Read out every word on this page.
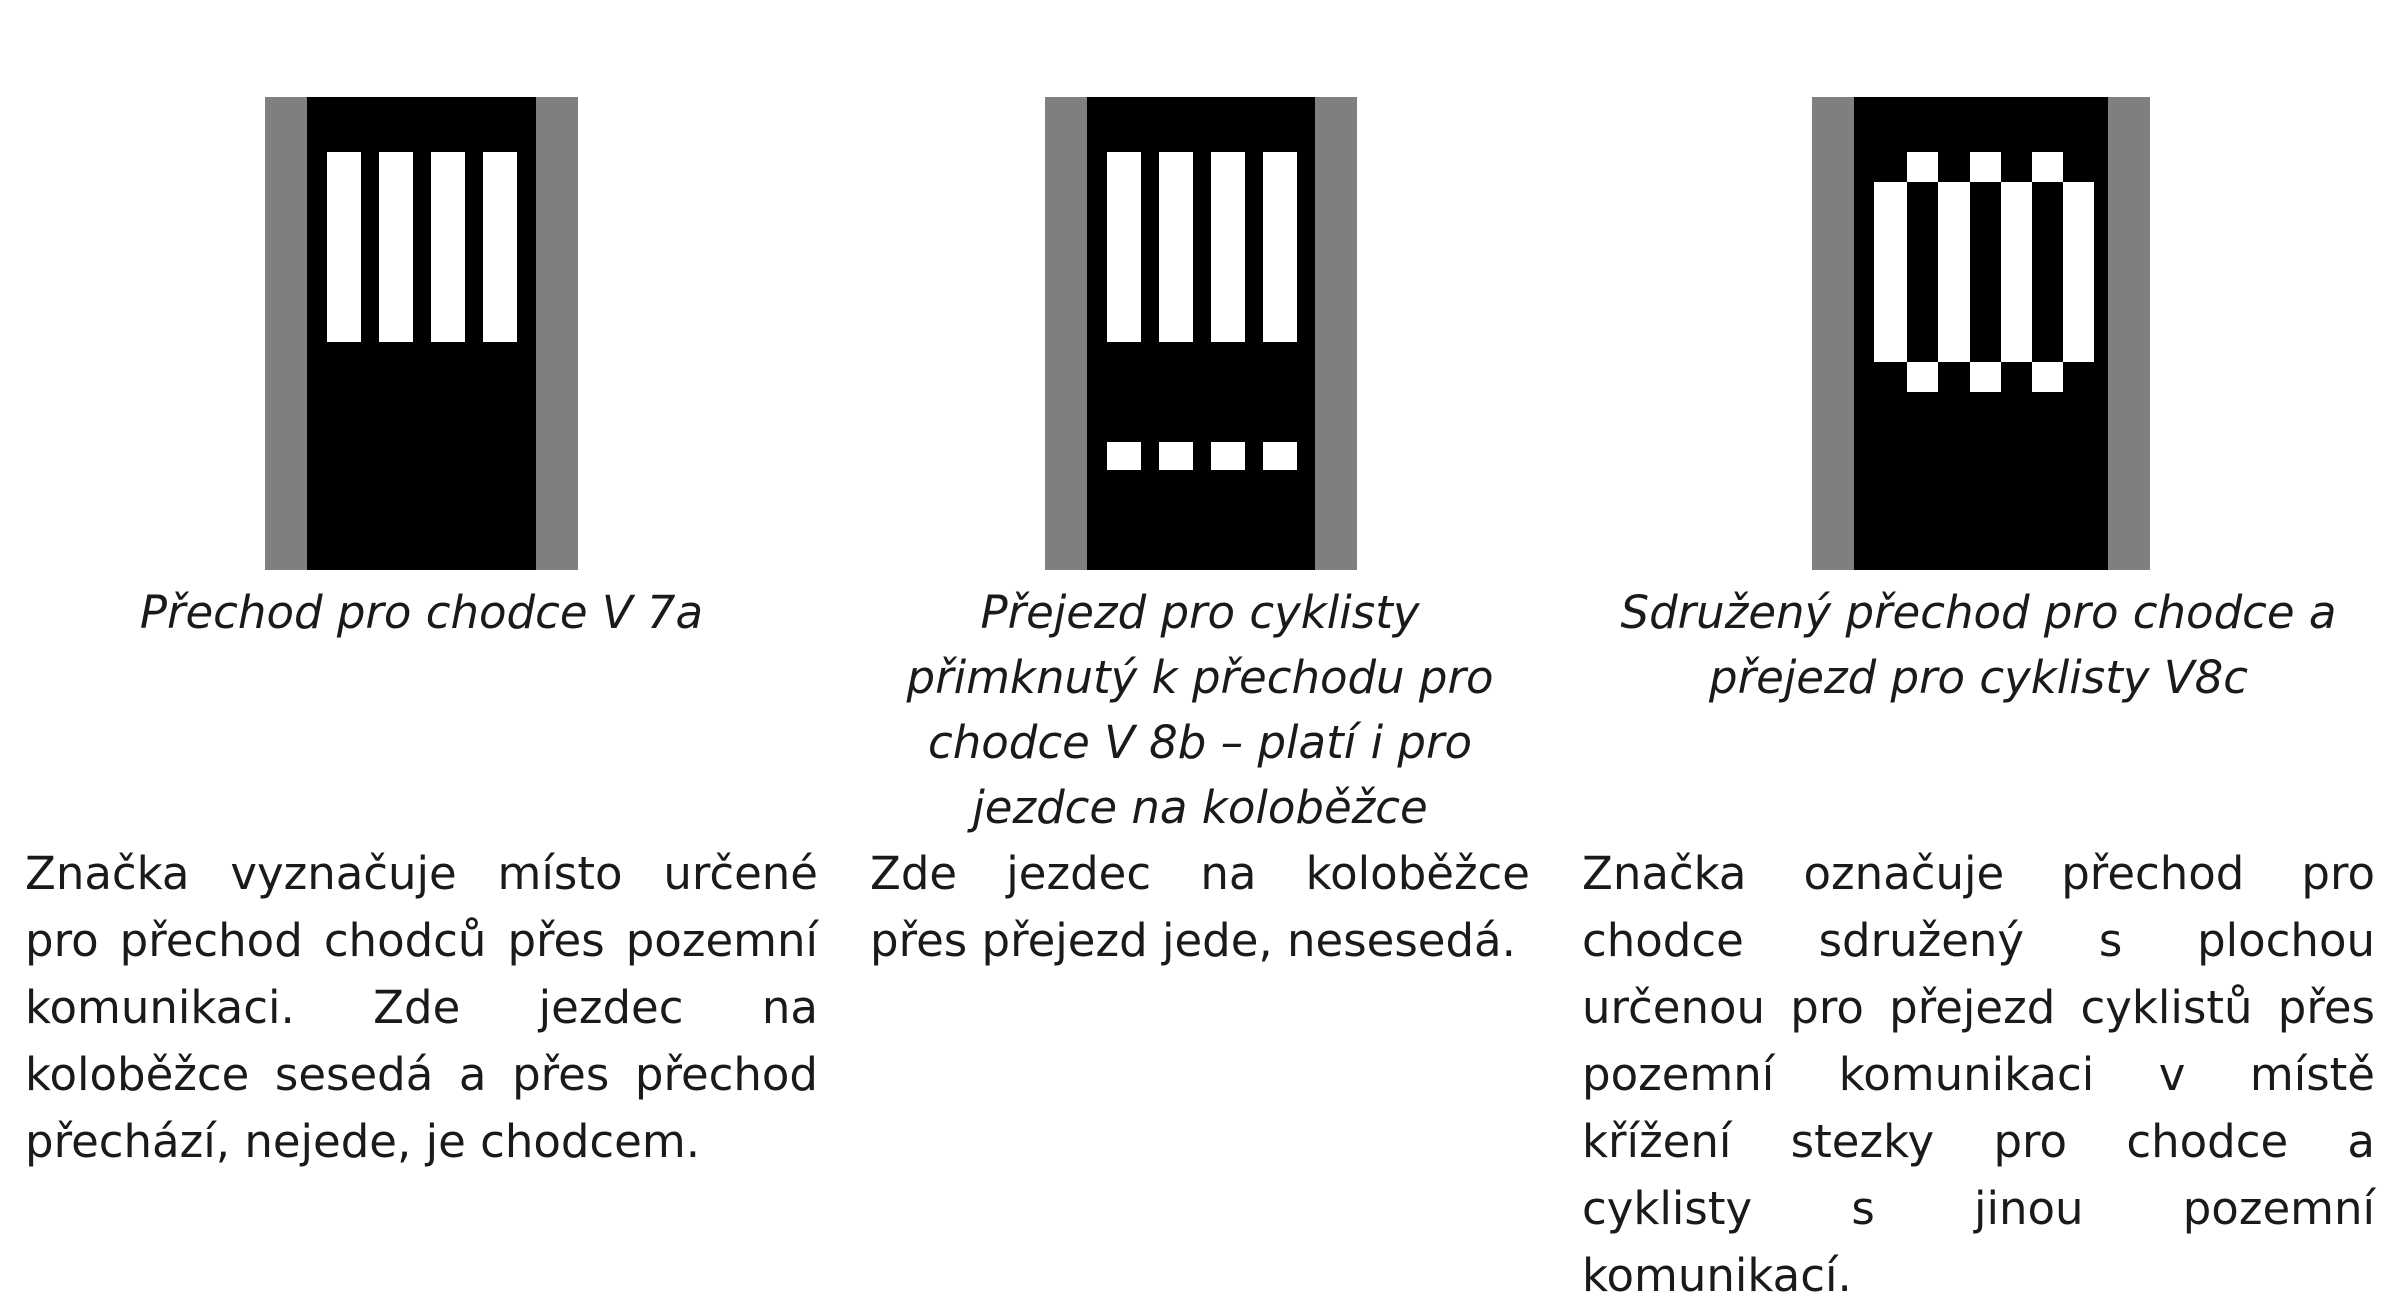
Přechod pro chodce V 7a
Značka vyznačuje místo určené pro přechod chodců přes pozemní komunikaci. Zde jezdec na koloběžce sesedá a přes přechod přechází, nejede, je chodcem.
Přejezd pro cyklisty přimknutý k přechodu pro chodce V 8b – platí i pro jezdce na koloběžce
Zde jezdec na koloběžce přes přejezd jede, nesesedá.
Sdružený přechod pro chodce a přejezd pro cyklisty V8c
Značka označuje přechod pro chodce sdružený s plochou určenou pro přejezd cyklistů přes pozemní komunikaci v místě křížení stezky pro chodce a cyklisty s jinou pozemní komunikací.
